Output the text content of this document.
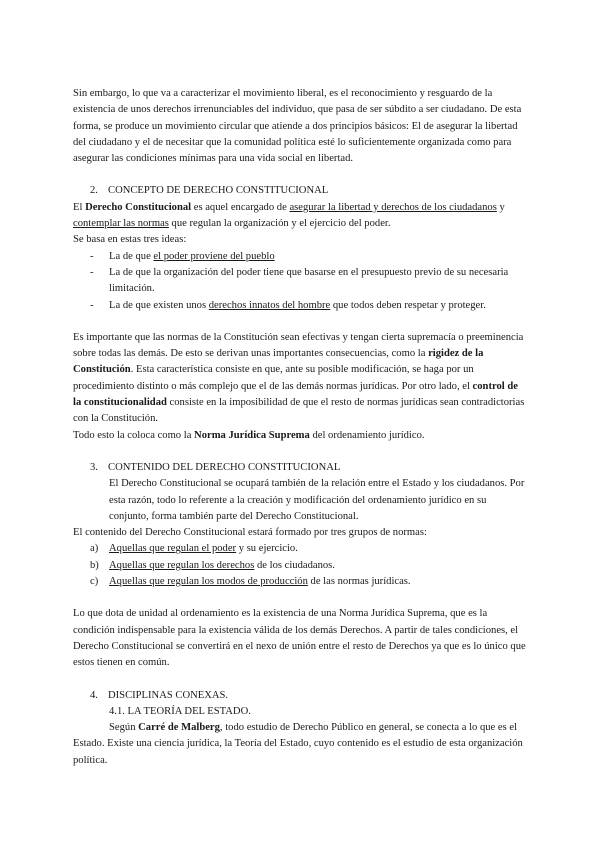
Sin embargo, lo que va a caracterizar el movimiento liberal, es el reconocimiento y resguardo de la existencia de unos derechos irrenunciables del individuo, que pasa de ser súbdito a ser ciudadano. De esta forma, se produce un movimiento circular que atiende a dos principios básicos: El de asegurar la libertad del ciudadano y el de necesitar que la comunidad política esté lo suficientemente organizada como para asegurar las condiciones mínimas para una vida social en libertad.

2. CONCEPTO DE DERECHO CONSTITUCIONAL

El Derecho Constitucional es aquel encargado de asegurar la libertad y derechos de los ciudadanos y contemplar las normas que regulan la organización y el ejercicio del poder.

Se basa en estas tres ideas:

- La de que el poder proviene del pueblo
- La de que la organización del poder tiene que basarse en el presupuesto previo de su necesaria limitación.
- La de que existen unos derechos innatos del hombre que todos deben respetar y proteger.

Es importante que las normas de la Constitución sean efectivas y tengan cierta supremacía o preeminencia sobre todas las demás. De esto se derivan unas importantes consecuencias, como la rigidez de la Constitución. Esta característica consiste en que, ante su posible modificación, se haga por un procedimiento distinto o más complejo que el de las demás normas jurídicas. Por otro lado, el control de la constitucionalidad consiste en la imposibilidad de que el resto de normas jurídicas sean contradictorias con la Constitución.

Todo esto la coloca como la Norma Jurídica Suprema del ordenamiento jurídico.

3. CONTENIDO DEL DERECHO CONSTITUCIONAL

El Derecho Constitucional se ocupará también de la relación entre el Estado y los ciudadanos. Por esta razón, todo lo referente a la creación y modificación del ordenamiento jurídico en su conjunto, forma también parte del Derecho Constitucional.

El contenido del Derecho Constitucional estará formado por tres grupos de normas:

a) Aquellas que regulan el poder y su ejercicio.
b) Aquellas que regulan los derechos de los ciudadanos.
c) Aquellas que regulan los modos de producción de las normas jurídicas.

Lo que dota de unidad al ordenamiento es la existencia de una Norma Jurídica Suprema, que es la condición indispensable para la existencia válida de los demás Derechos. A partir de tales condiciones, el Derecho Constitucional se convertirá en el nexo de unión entre el resto de Derechos ya que es lo único que estos tienen en común.

4. DISCIPLINAS CONEXAS.

4.1. LA TEORÍA DEL ESTADO.

Según Carré de Malberg, todo estudio de Derecho Público en general, se conecta a lo que es el Estado. Existe una ciencia jurídica, la Teoría del Estado, cuyo contenido es el estudio de esta organización política.
